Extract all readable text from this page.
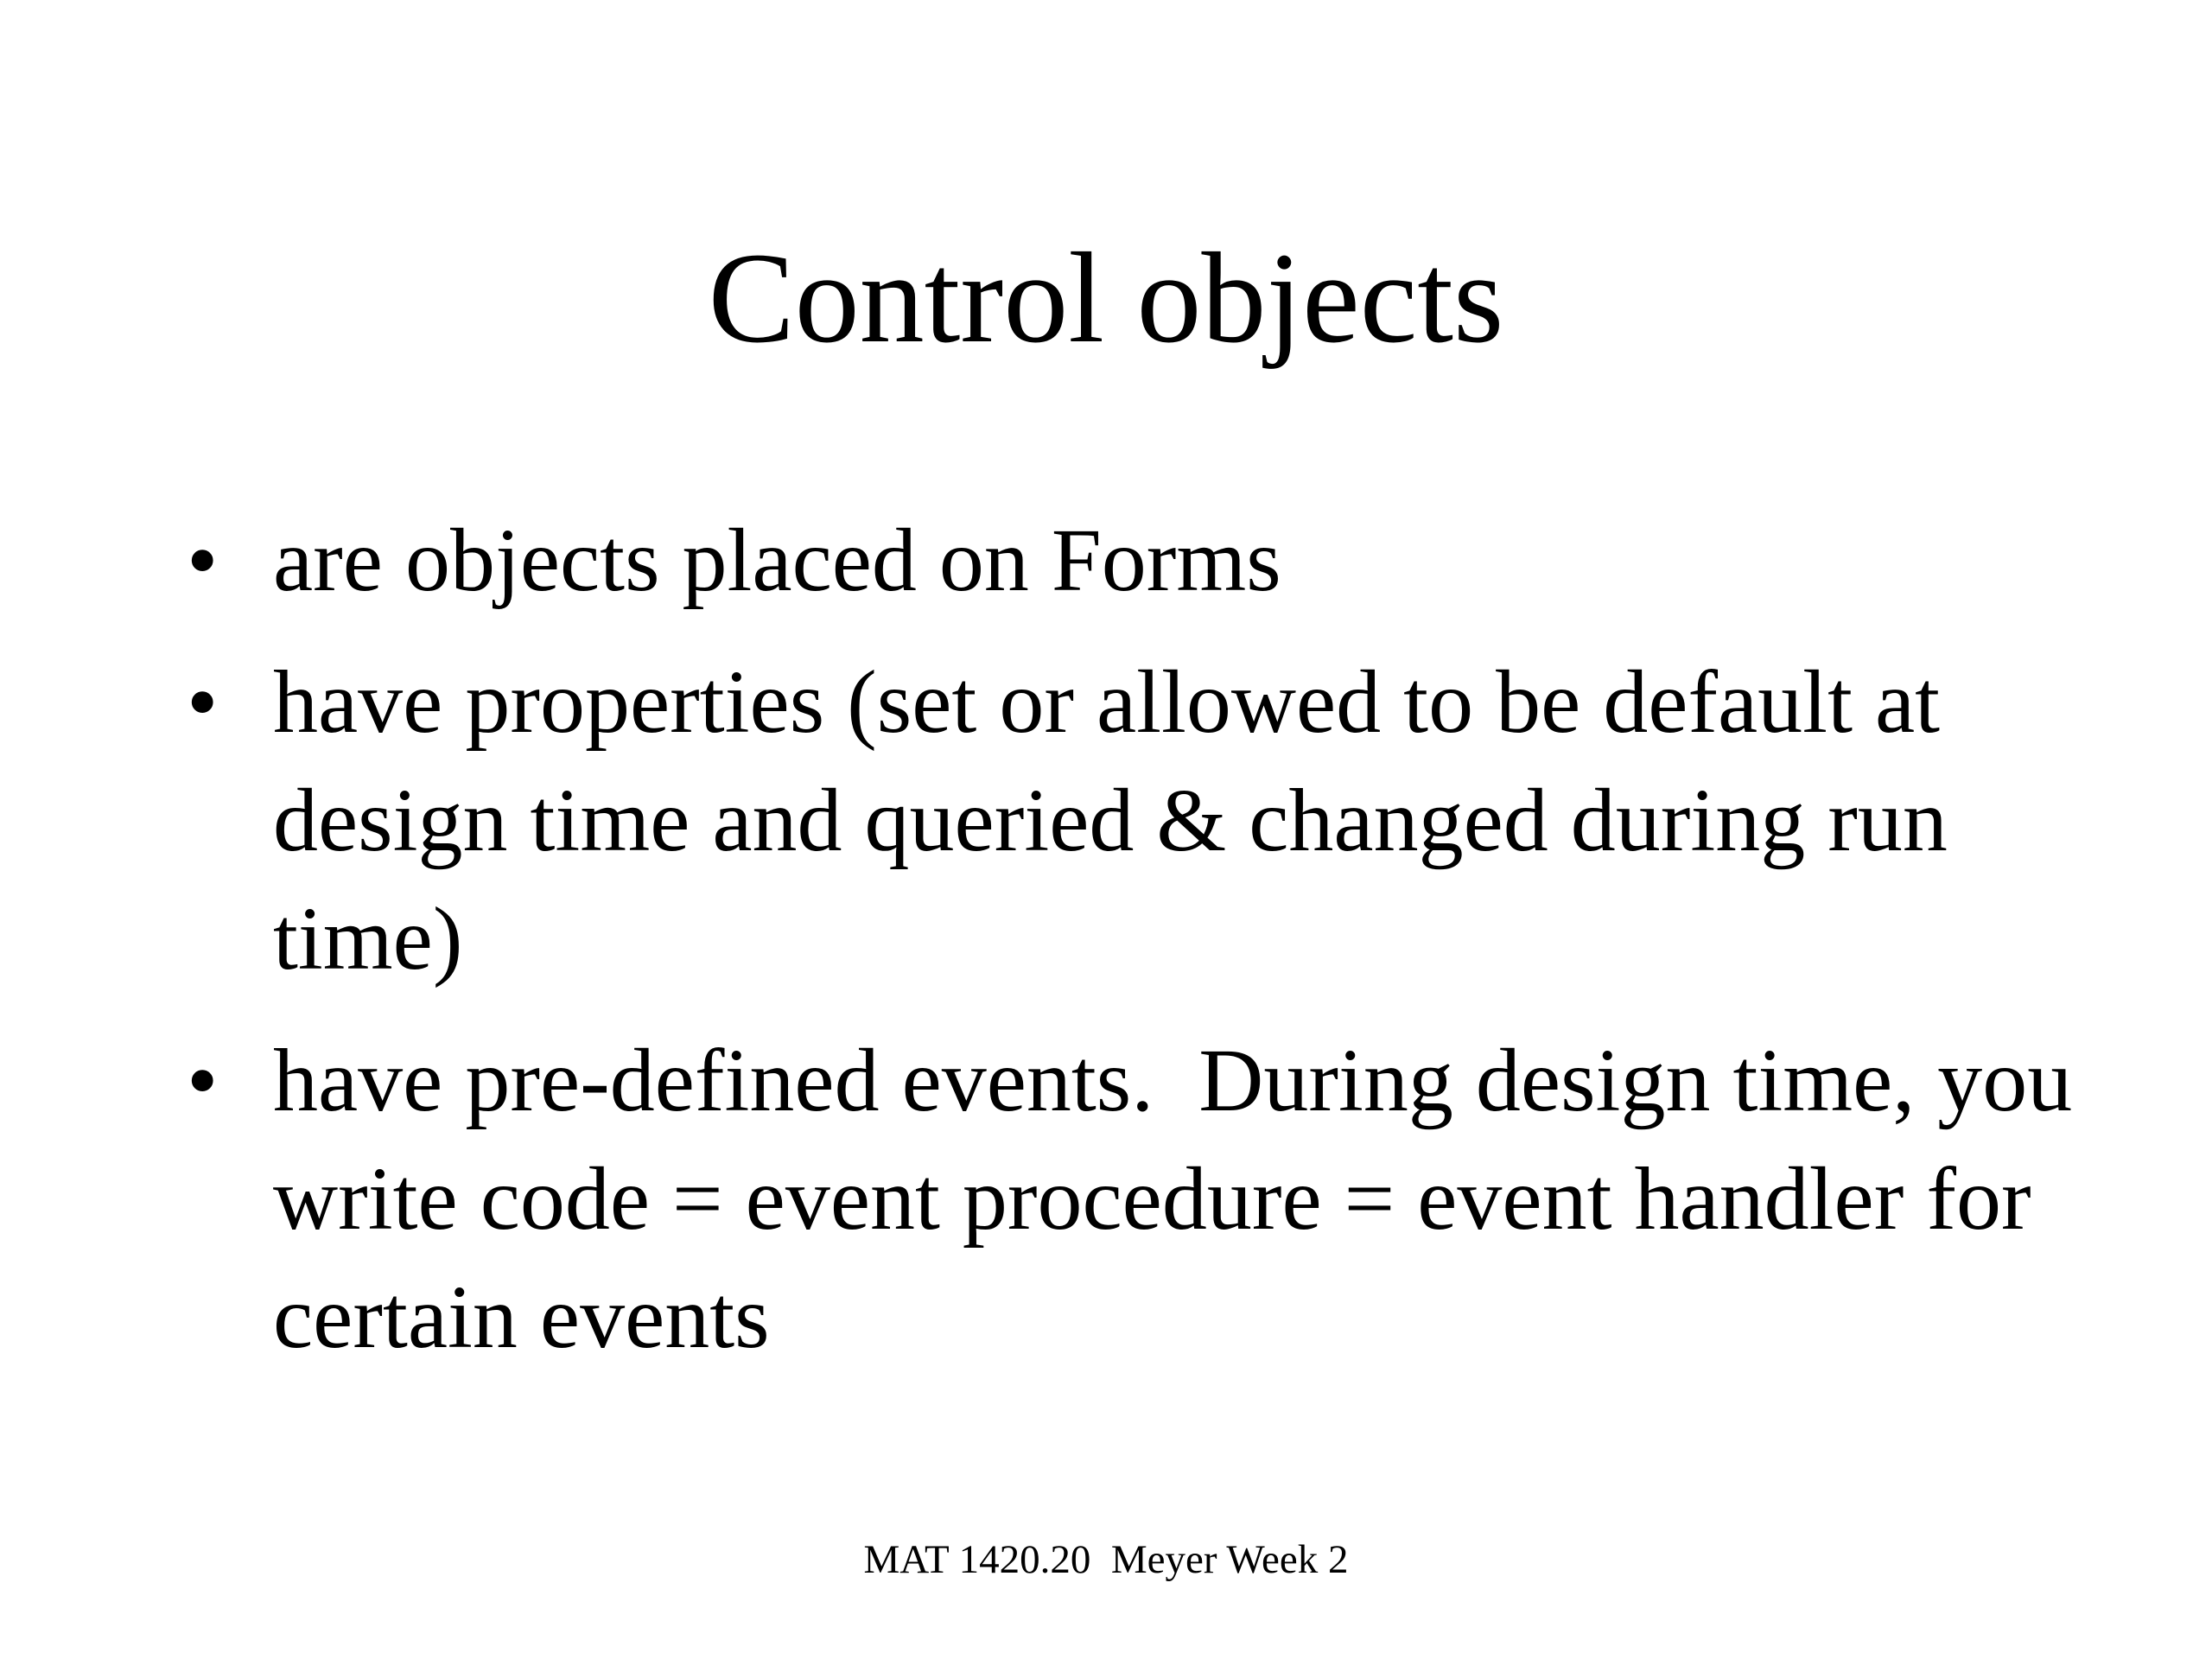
Control objects
• are objects placed on Forms
• have properties (set or allowed to be default at design time and queried & changed during run time)
• have pre-defined events.  During design time, you write code = event procedure = event handler for certain events
MAT 1420.20  Meyer Week 2
